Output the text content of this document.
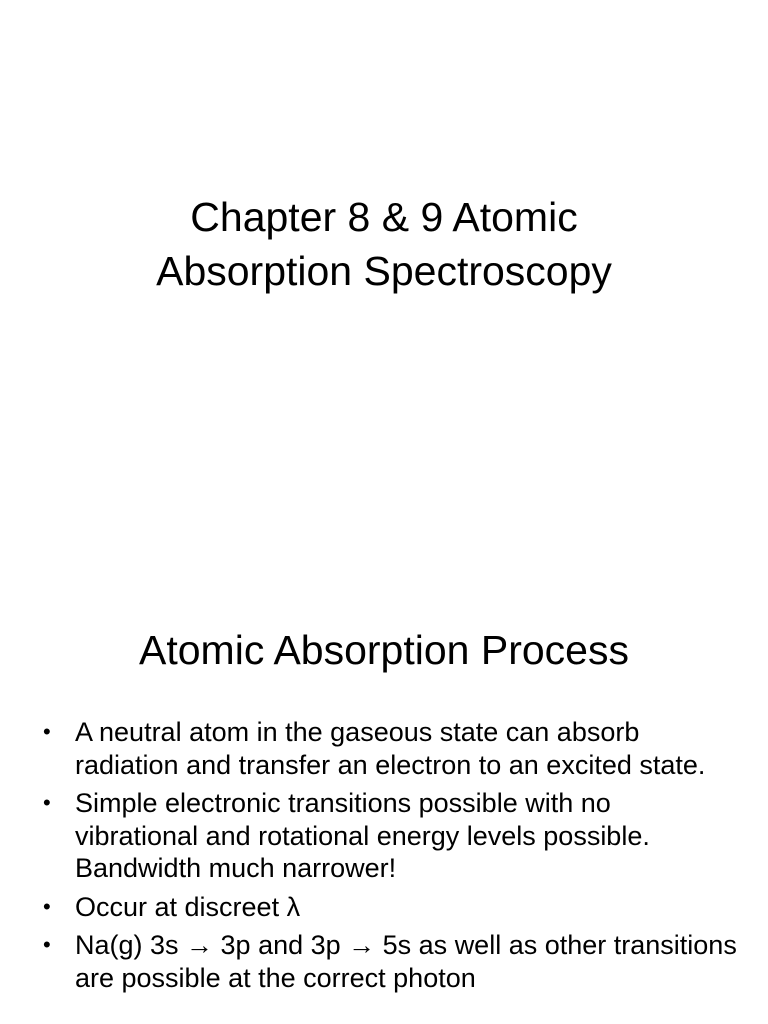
Chapter 8 & 9 Atomic
Absorption Spectroscopy
Atomic Absorption Process
• A neutral atom in the gaseous state can absorb radiation and transfer an electron to an excited state.
• Simple electronic transitions possible with no vibrational and rotational energy levels possible. Bandwidth much narrower!
• Occur at discreet λ
• Na(g) 3s → 3p and 3p → 5s as well as other transitions are possible at the correct photon
